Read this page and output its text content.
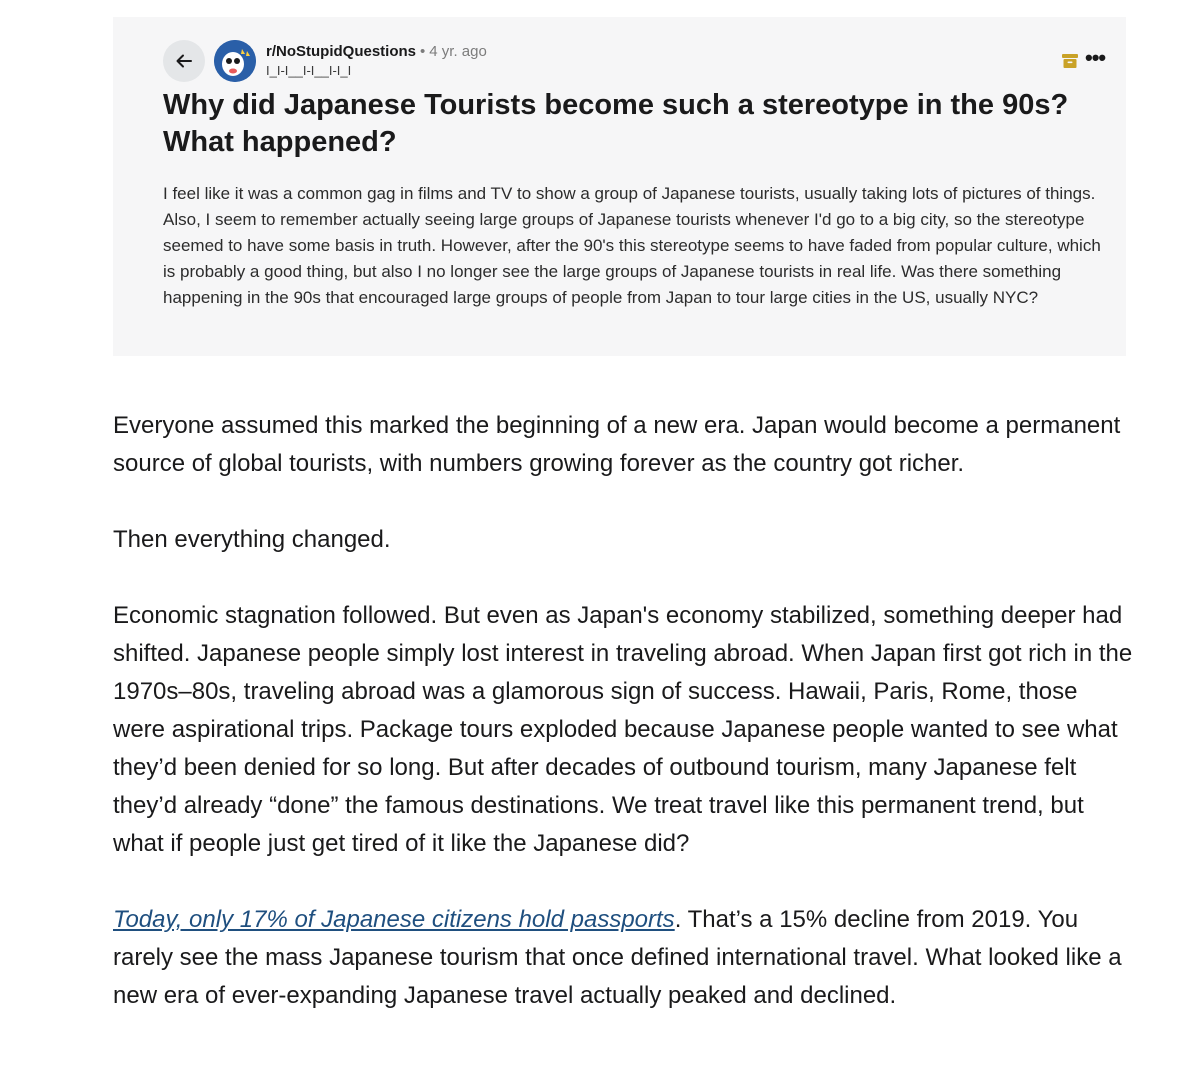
r/NoStupidQuestions • 4 yr. ago
I_I-I__I-I__I-I_I
•••
Why did Japanese Tourists become such a stereotype in the 90s? What happened?

I feel like it was a common gag in films and TV to show a group of Japanese tourists, usually taking lots of pictures of things. Also, I seem to remember actually seeing large groups of Japanese tourists whenever I'd go to a big city, so the stereotype seemed to have some basis in truth. However, after the 90's this stereotype seems to have faded from popular culture, which is probably a good thing, but also I no longer see the large groups of Japanese tourists in real life. Was there something happening in the 90s that encouraged large groups of people from Japan to tour large cities in the US, usually NYC?

Everyone assumed this marked the beginning of a new era. Japan would become a permanent source of global tourists, with numbers growing forever as the country got richer.

Then everything changed.

Economic stagnation followed. But even as Japan's economy stabilized, something deeper had shifted. Japanese people simply lost interest in traveling abroad. When Japan first got rich in the 1970s–80s, traveling abroad was a glamorous sign of success. Hawaii, Paris, Rome, those were aspirational trips. Package tours exploded because Japanese people wanted to see what they’d been denied for so long. But after decades of outbound tourism, many Japanese felt they’d already “done” the famous destinations. We treat travel like this permanent trend, but what if people just get tired of it like the Japanese did?

Today, only 17% of Japanese citizens hold passports. That’s a 15% decline from 2019. You rarely see the mass Japanese tourism that once defined international travel. What looked like a new era of ever-expanding Japanese travel actually peaked and declined.
